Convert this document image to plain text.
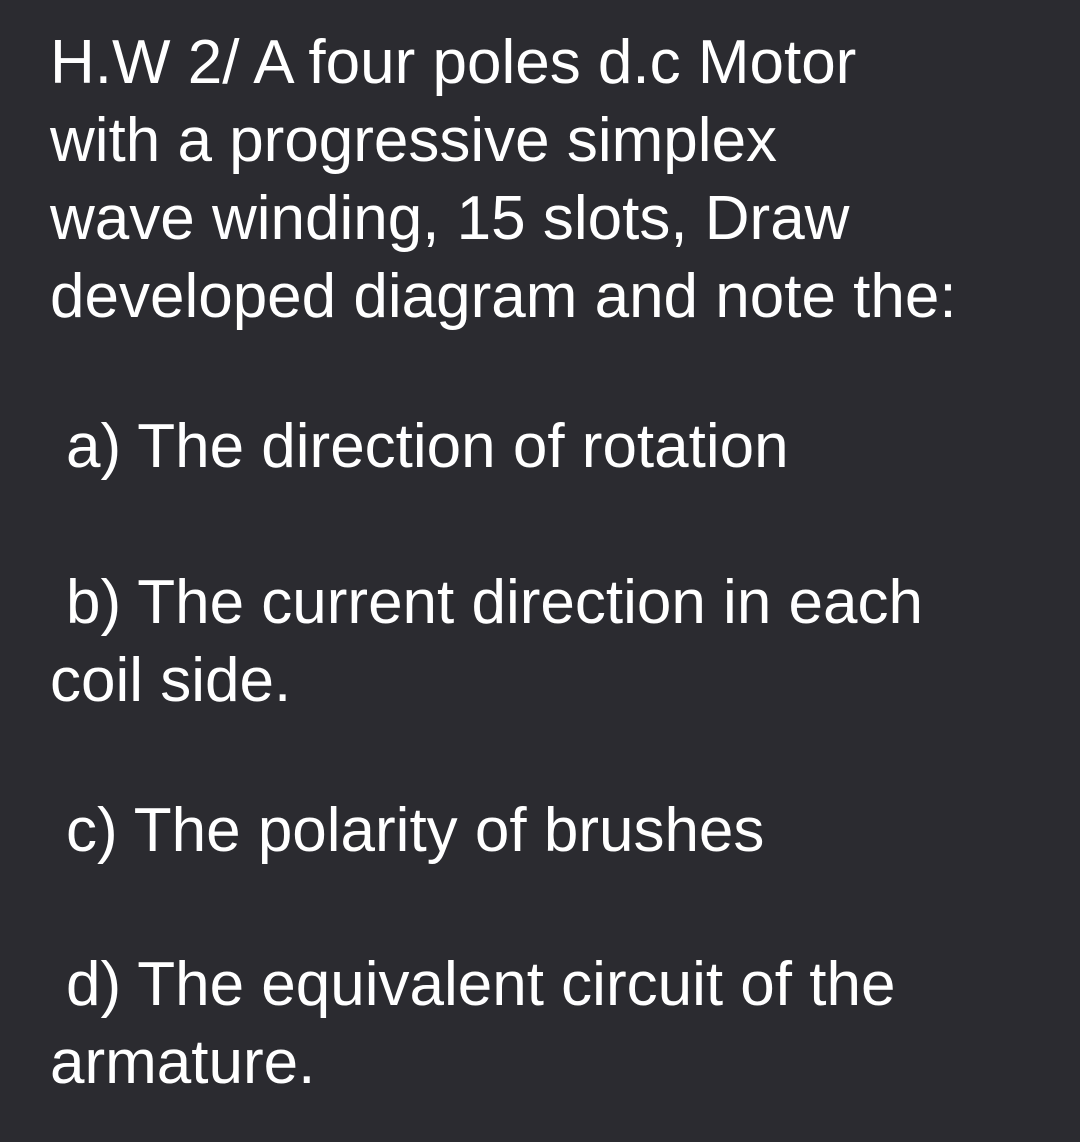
H.W 2/ A four poles d.c Motor
with a progressive simplex
wave winding, 15 slots, Draw
developed diagram and note the:
a) The direction of rotation
b) The current direction in each
coil side.
c) The polarity of brushes
d) The equivalent circuit of the
armature.
